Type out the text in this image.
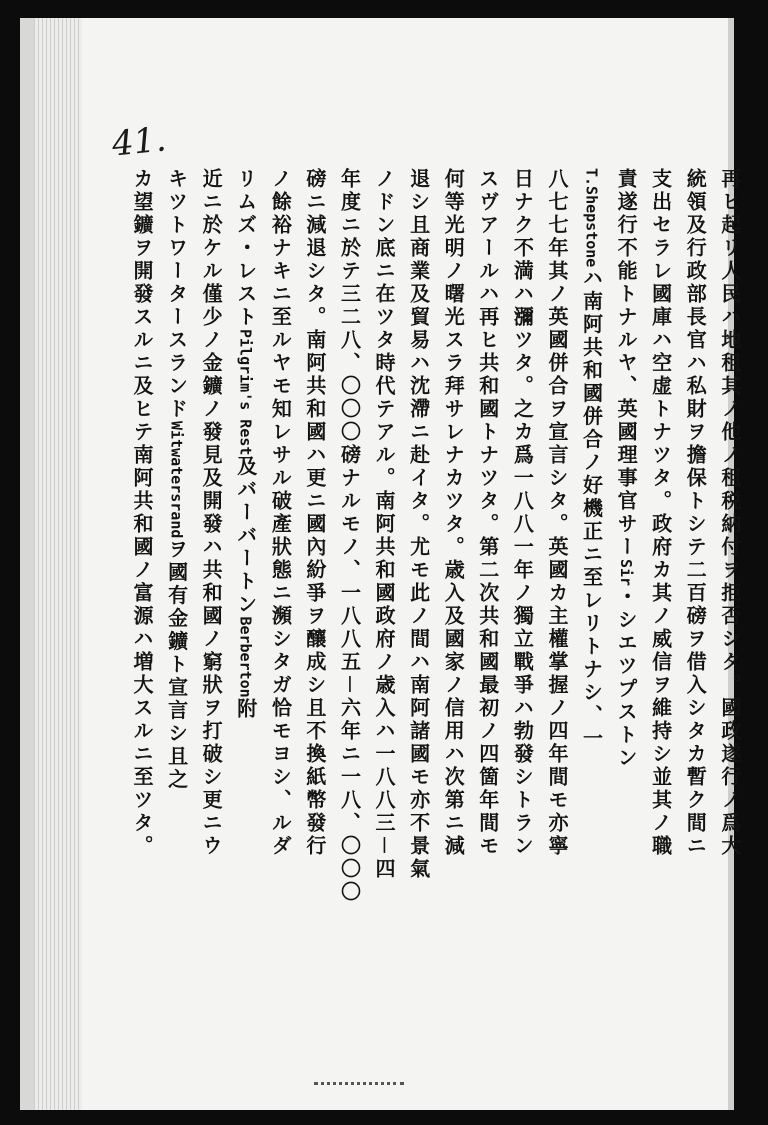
41.
再ヒ起リ人民ハ地租其ノ他ノ租税納付ヲ拒否シタ。國政遂行ノ爲大
統領及行政部長官ハ私財ヲ擔保トシテ二百磅ヲ借入シタカ暫ク間ニ
支出セラレ國庫ハ空虚トナツタ。政府カ其ノ威信ヲ維持シ並其ノ職
責遂行不能トナルヤ、英國理事官サーSir・シエツプストン
T.Shepstoneハ南阿共和國併合ノ好機正ニ至レリトナシ、一
八七七年其ノ英國併合ヲ宣言シタ。英國カ主權掌握ノ四年間モ亦寧
日ナク不満ハ瀰ツタ。之カ爲一八八一年ノ獨立戰爭ハ勃發シトラン
スヴアールハ再ヒ共和國トナツタ。第二次共和國最初ノ四箇年間モ
何等光明ノ曙光スラ拜サレナカツタ。歳入及國家ノ信用ハ次第ニ減
退シ且商業及貿易ハ沈滯ニ赴イタ。尤モ此ノ間ハ南阿諸國モ亦不景氣
ノドン底ニ在ツタ時代テアル。南阿共和國政府ノ歳入ハ一八八三－四
年度ニ於テ三二八、〇〇〇磅ナルモノ、一八八五－六年ニ一八、〇〇〇
磅ニ減退シタ。南阿共和國ハ更ニ國內紛爭ヲ釀成シ且不換紙幣發行
ノ餘裕ナキニ至ルヤモ知レサル破產狀態ニ瀕シタガ恰モヨシ、ルダ
リムズ・レストPilgrim's Rest及バーバートンBerberton附
近ニ於ケル僅少ノ金鑛ノ發見及開發ハ共和國ノ窮狀ヲ打破シ更ニウ
キツトワータースランドWitwatersrandヲ國有金鑛ト宣言シ且之
カ望鑛ヲ開發スルニ及ヒテ南阿共和國ノ富源ハ増大スルニ至ツタ。
